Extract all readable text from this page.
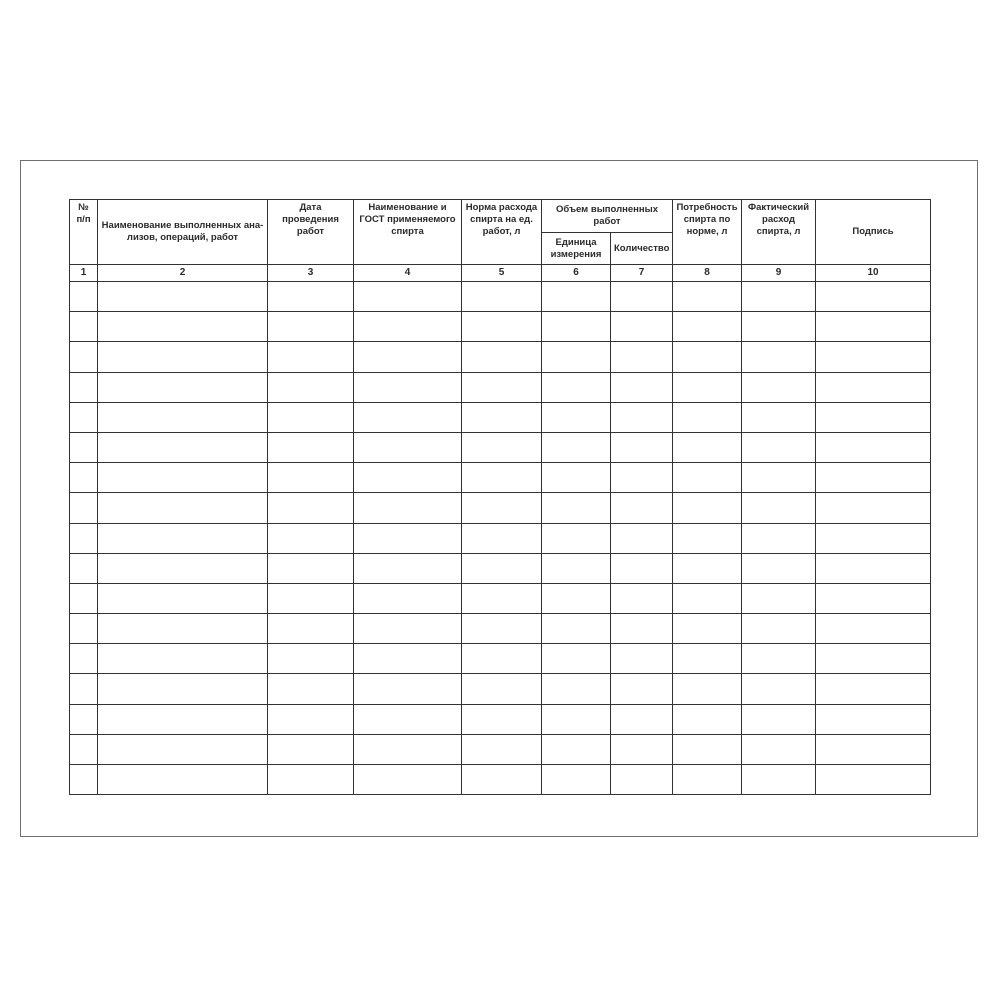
№ п/п	Наименование выполненных ана-лизов, операций, работ	Дата проведения работ	Наименование и ГОСТ применяемого спирта	Норма расхода спирта на ед. работ, л	Объем выполненных работ		Потребность спирта по норме, л	Фактический расход спирта, л	Подпись
					Единица измерения	Количество			
1	2	3	4	5	6	7	8	9	10
